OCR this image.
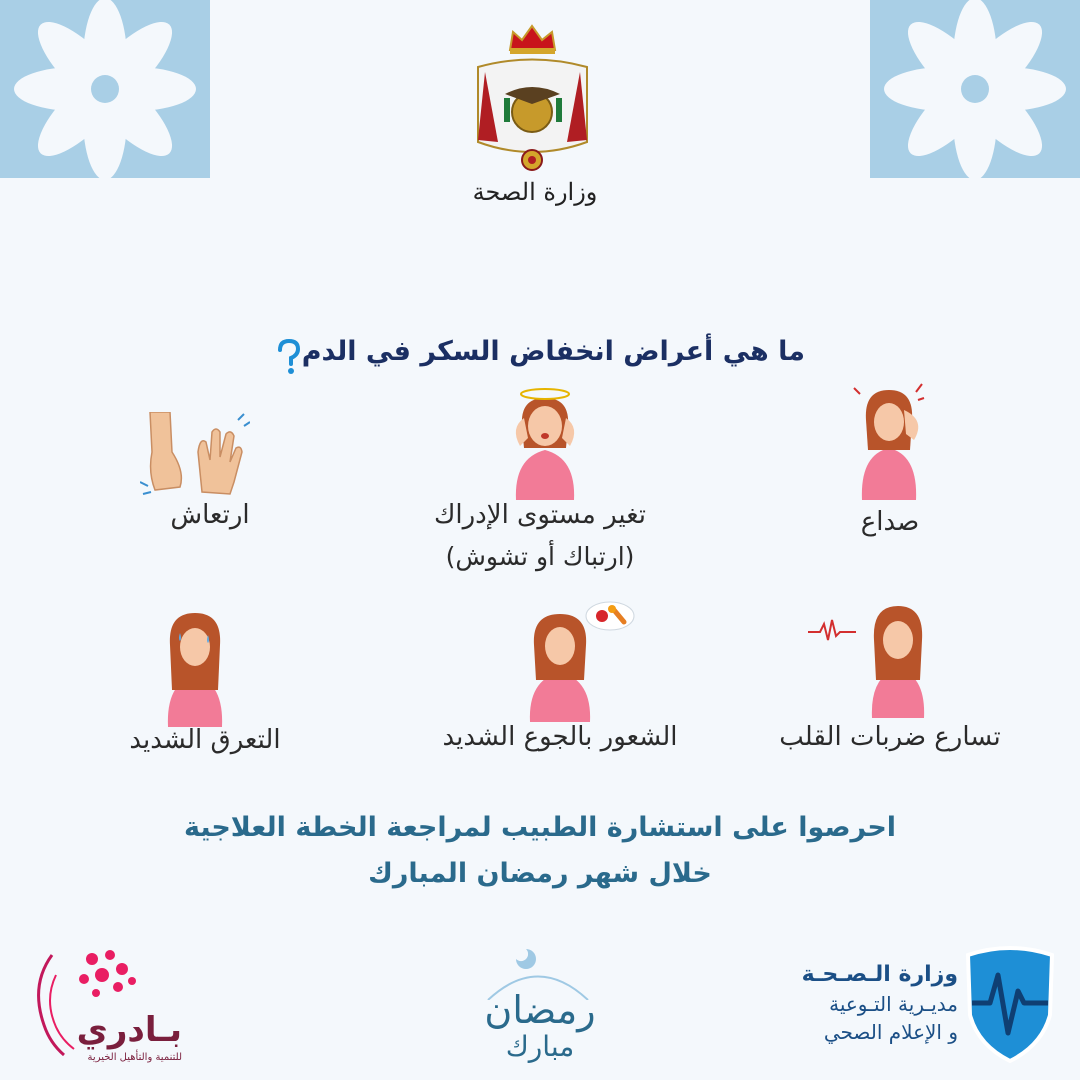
وزارة الصحة
ما هي أعراض انخفاض السكر في الدم
ارتعاش	تغير مستوى الإدراك
(ارتباك أو تشوش)
صداع
التعرق الشديد	الشعور بالجوع الشديد	تسارع ضربات القلب
احرصوا على استشارة الطبيب لمراجعة الخطة العلاجية
خلال شهر رمضان المبارك
بـادري
للتنمية والتأهيل الخيرية
رمضان
مبارك
وزارة الـصـحـة
مديـرية التـوعية
و الإعلام الصحي
